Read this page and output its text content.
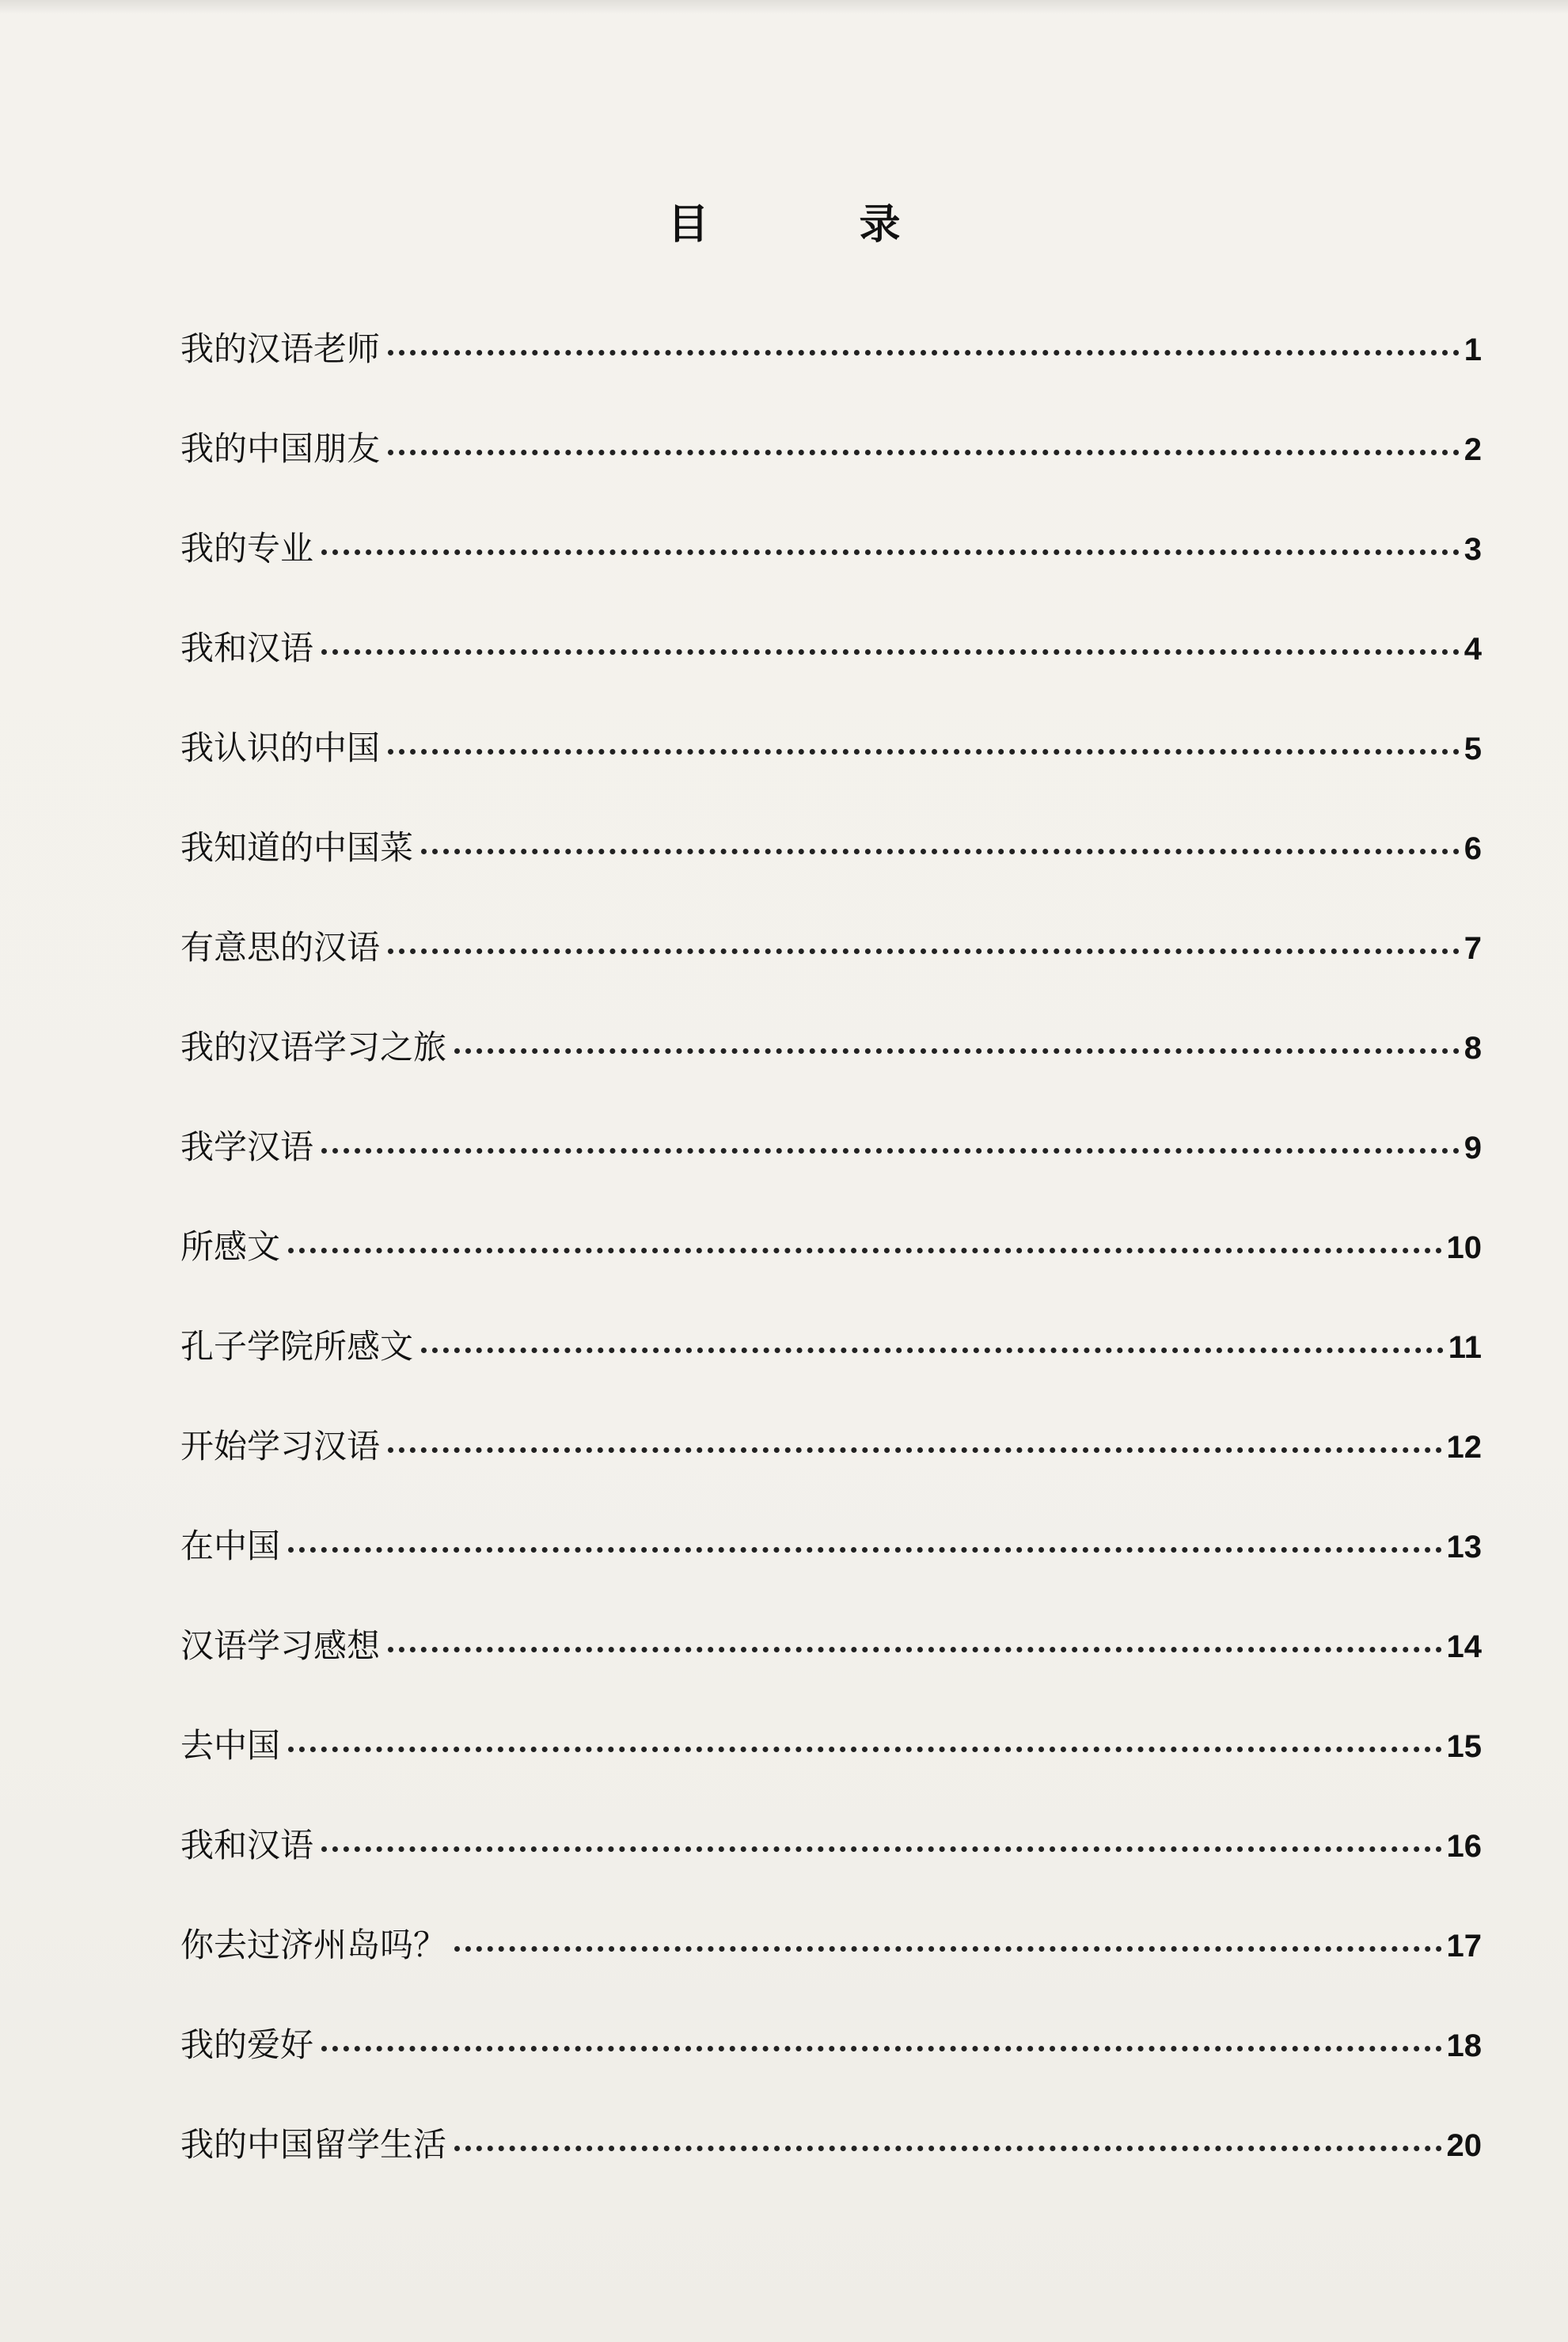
目 录
我的汉语老师	1
我的中国朋友	2
我的专业	3
我和汉语	4
我认识的中国	5
我知道的中国菜	6
有意思的汉语	7
我的汉语学习之旅	8
我学汉语	9
所感文	10
孔子学院所感文	11
开始学习汉语	12
在中国	13
汉语学习感想	14
去中国	15
我和汉语	16
你去过济州岛吗？	17
我的爱好	18
我的中国留学生活	20
